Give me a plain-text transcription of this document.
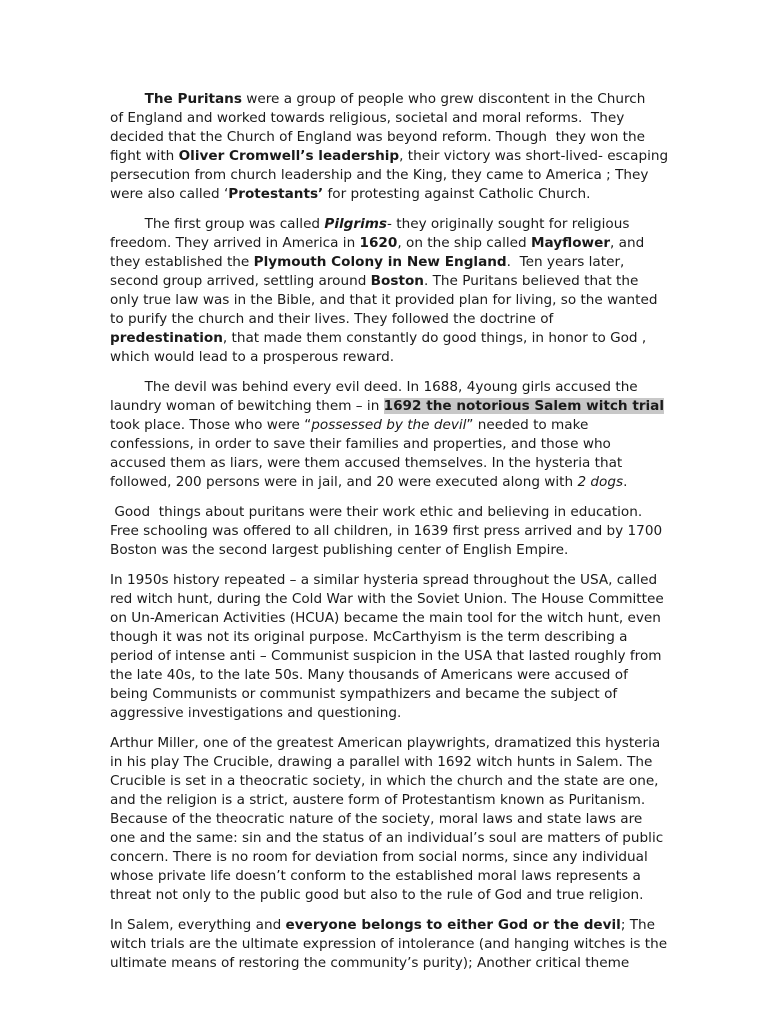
The Puritans were a group of people who grew discontent in the Church
of England and worked towards religious, societal and moral reforms.  They
decided that the Church of England was beyond reform. Though  they won the
fight with Oliver Cromwell’s leadership, their victory was short-lived- escaping
persecution from church leadership and the King, they came to America ; They
were also called ‘Protestants’ for protesting against Catholic Church.
The first group was called Pilgrims- they originally sought for religious
freedom. They arrived in America in 1620, on the ship called Mayflower, and
they established the Plymouth Colony in New England.  Ten years later,
second group arrived, settling around Boston. The Puritans believed that the
only true law was in the Bible, and that it provided plan for living, so the wanted
to purify the church and their lives. They followed the doctrine of
predestination, that made them constantly do good things, in honor to God ,
which would lead to a prosperous reward.
The devil was behind every evil deed. In 1688, 4young girls accused the
laundry woman of bewitching them – in 1692 the notorious Salem witch trial
took place. Those who were “possessed by the devil” needed to make
confessions, in order to save their families and properties, and those who
accused them as liars, were them accused themselves. In the hysteria that
followed, 200 persons were in jail, and 20 were executed along with 2 dogs.
Good  things about puritans were their work ethic and believing in education.
Free schooling was offered to all children, in 1639 first press arrived and by 1700
Boston was the second largest publishing center of English Empire.
In 1950s history repeated – a similar hysteria spread throughout the USA, called
red witch hunt, during the Cold War with the Soviet Union. The House Committee
on Un-American Activities (HCUA) became the main tool for the witch hunt, even
though it was not its original purpose. McCarthyism is the term describing a
period of intense anti – Communist suspicion in the USA that lasted roughly from
the late 40s, to the late 50s. Many thousands of Americans were accused of
being Communists or communist sympathizers and became the subject of
aggressive investigations and questioning.
Arthur Miller, one of the greatest American playwrights, dramatized this hysteria
in his play The Crucible, drawing a parallel with 1692 witch hunts in Salem. The
Crucible is set in a theocratic society, in which the church and the state are one,
and the religion is a strict, austere form of Protestantism known as Puritanism.
Because of the theocratic nature of the society, moral laws and state laws are
one and the same: sin and the status of an individual’s soul are matters of public
concern. There is no room for deviation from social norms, since any individual
whose private life doesn’t conform to the established moral laws represents a
threat not only to the public good but also to the rule of God and true religion.
In Salem, everything and everyone belongs to either God or the devil; The
witch trials are the ultimate expression of intolerance (and hanging witches is the
ultimate means of restoring the community’s purity); Another critical theme
